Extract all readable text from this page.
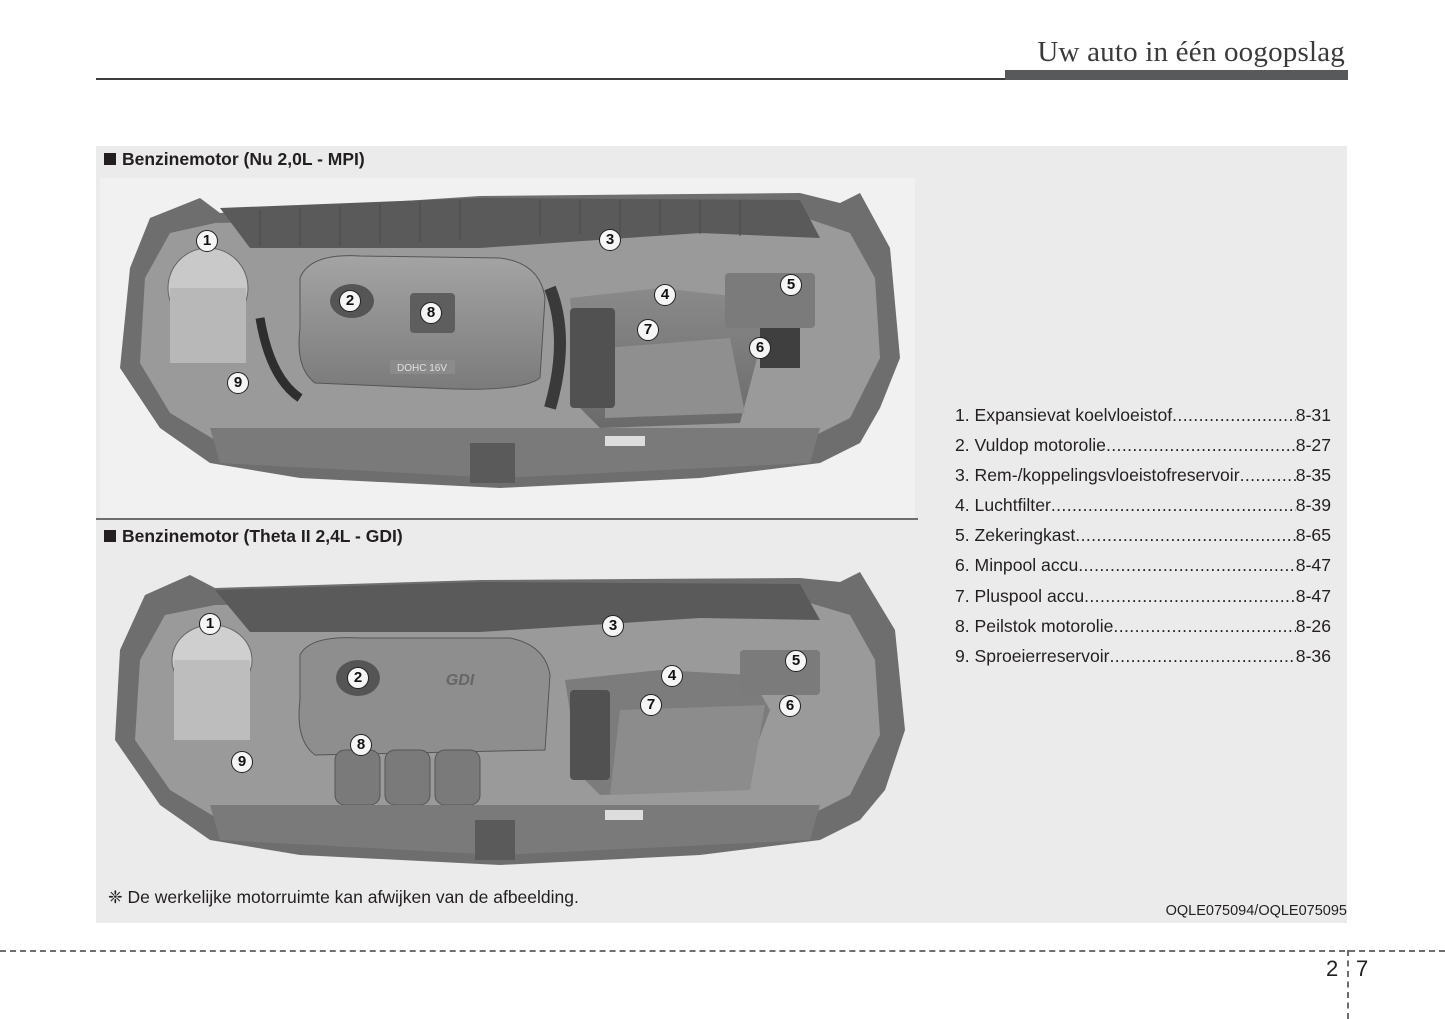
Uw auto in één oogopslag
Benzinemotor (Nu 2,0L - MPI)
DOHC 16V
1
2
3
4
5
6
7
8
9
Benzinemotor (Theta II 2,4L - GDI)
GDI
1
2
3
4
5
6
7
8
9
1. Expansievat koelvloeistof .....	8-31
2. Vuldop motorolie .....	8-27
3. Rem-/koppelingsvloeistofreservoir .....	8-35
4. Luchtfilter .....	8-39
5. Zekeringkast .....	8-65
6. Minpool accu .....	8-47
7. Pluspool accu .....	8-47
8. Peilstok motorolie .....	8-26
9. Sproeierreservoir .....	8-36
❈ De werkelijke motorruimte kan afwijken van de afbeelding.
OQLE075094/OQLE075095
2 7
